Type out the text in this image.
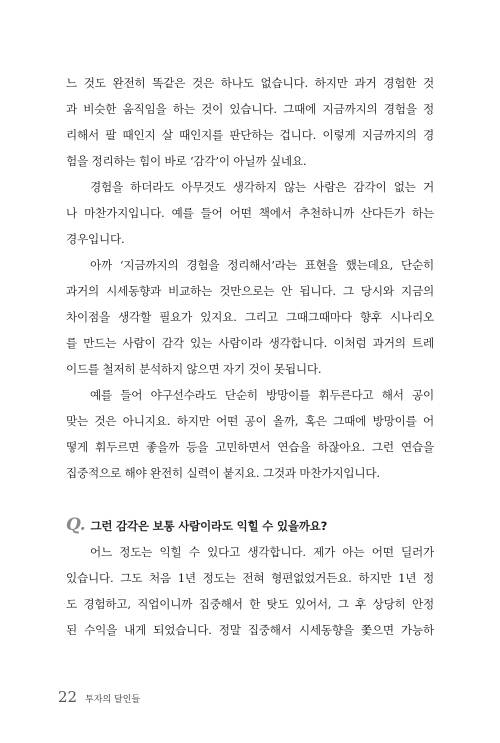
느 것도 완전히 똑같은 것은 하나도 없습니다. 하지만 과거 경험한 것
과 비슷한 움직임을 하는 것이 있습니다. 그때에 지금까지의 경험을 정
리해서 팔 때인지 살 때인지를 판단하는 겁니다. 이렇게 지금까지의 경
험을 정리하는 힘이 바로 ‘감각’이 아닐까 싶네요.
경험을 하더라도 아무것도 생각하지 않는 사람은 감각이 없는 거
나 마찬가지입니다. 예를 들어 어떤 책에서 추천하니까 산다든가 하는
경우입니다.
아까 ‘지금까지의 경험을 정리해서’라는 표현을 했는데요, 단순히
과거의 시세동향과 비교하는 것만으로는 안 됩니다. 그 당시와 지금의
차이점을 생각할 필요가 있지요. 그리고 그때그때마다 향후 시나리오
를 만드는 사람이 감각 있는 사람이라 생각합니다. 이처럼 과거의 트레
이드를 철저히 분석하지 않으면 자기 것이 못됩니다.
예를 들어 야구선수라도 단순히 방망이를 휘두른다고 해서 공이
맞는 것은 아니지요. 하지만 어떤 공이 올까, 혹은 그때에 방망이를 어
떻게 휘두르면 좋을까 등을 고민하면서 연습을 하잖아요. 그런 연습을
집중적으로 해야 완전히 실력이 붙지요. 그것과 마찬가지입니다.
Q. 그런 감각은 보통 사람이라도 익힐 수 있을까요?
어느 정도는 익힐 수 있다고 생각합니다. 제가 아는 어떤 딜러가
있습니다. 그도 처음 1년 정도는 전혀 형편없었거든요. 하지만 1년 정
도 경험하고, 직업이니까 집중해서 한 탓도 있어서, 그 후 상당히 안정
된 수익을 내게 되었습니다. 정말 집중해서 시세동향을 쫓으면 가능하
22 투자의 달인들
